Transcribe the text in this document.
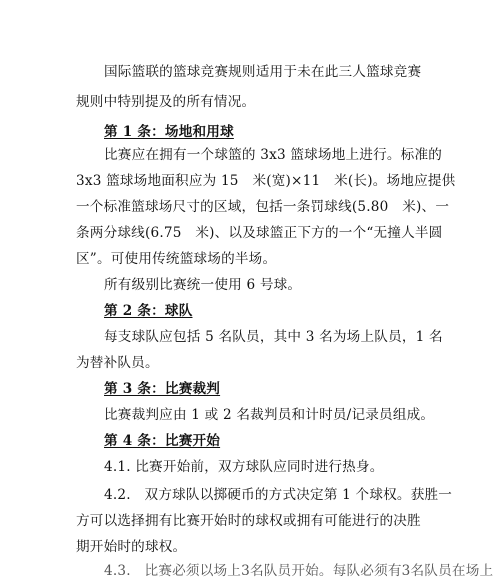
国际篮联的篮球竞赛规则适用于未在此三人篮球竞赛
规则中特别提及的所有情况。
第 1 条：场地和用球
比赛应在拥有一个球篮的 3x3 篮球场地上进行。标准的
3x3 篮球场地面积应为 15　米(宽)×11　米(长)。场地应提供
一个标准篮球场尺寸的区域，包括一条罚球线(5.80　米)、一
条两分球线(6.75　米)、以及球篮正下方的一个“无撞人半圆
区”。可使用传统篮球场的半场。
所有级别比赛统一使用 6 号球。
第 2 条：球队
每支球队应包括 5 名队员，其中 3 名为场上队员，1 名
为替补队员。
第 3 条：比赛裁判
比赛裁判应由 1 或 2 名裁判员和计时员/记录员组成。
第 4 条：比赛开始
4.1. 比赛开始前，双方球队应同时进行热身。
4.2.　双方球队以掷硬币的方式决定第 1 个球权。获胜一
方可以选择拥有比赛开始时的球权或拥有可能进行的决胜
期开始时的球权。
4.3.　比赛必须以场上3名队员开始。每队必须有3名队员在场上
